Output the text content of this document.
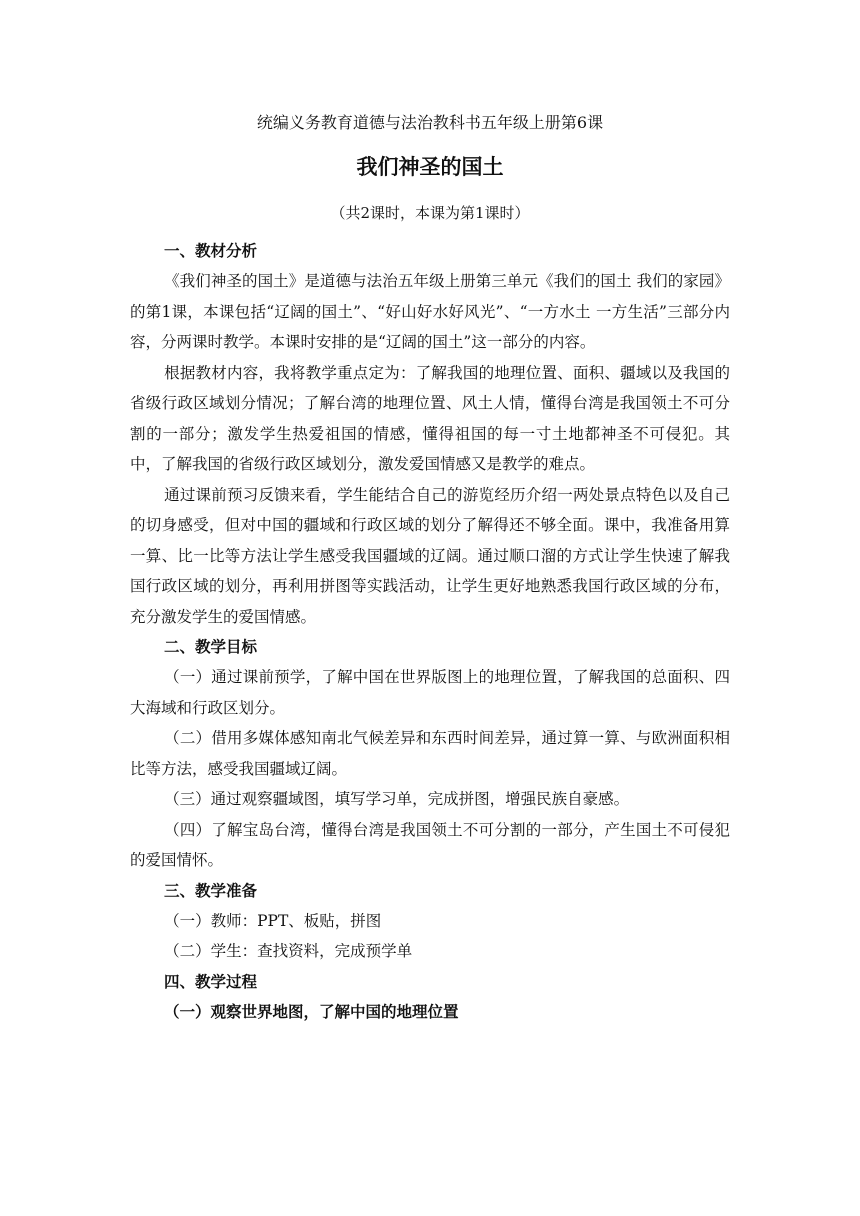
统编义务教育道德与法治教科书五年级上册第6课

我们神圣的国土

（共2课时，本课为第1课时）

一、教材分析

《我们神圣的国土》是道德与法治五年级上册第三单元《我们的国土 我们的家园》的第1课，本课包括“辽阔的国土”、“好山好水好风光”、“一方水土 一方生活”三部分内容，分两课时教学。本课时安排的是“辽阔的国土”这一部分的内容。

根据教材内容，我将教学重点定为：了解我国的地理位置、面积、疆域以及我国的省级行政区域划分情况；了解台湾的地理位置、风土人情，懂得台湾是我国领土不可分割的一部分；激发学生热爱祖国的情感，懂得祖国的每一寸土地都神圣不可侵犯。其中，了解我国的省级行政区域划分，激发爱国情感又是教学的难点。

通过课前预习反馈来看，学生能结合自己的游览经历介绍一两处景点特色以及自己的切身感受，但对中国的疆域和行政区域的划分了解得还不够全面。课中，我准备用算一算、比一比等方法让学生感受我国疆域的辽阔。通过顺口溜的方式让学生快速了解我国行政区域的划分，再利用拼图等实践活动，让学生更好地熟悉我国行政区域的分布，充分激发学生的爱国情感。

二、教学目标

（一）通过课前预学，了解中国在世界版图上的地理位置，了解我国的总面积、四大海域和行政区划分。

（二）借用多媒体感知南北气候差异和东西时间差异，通过算一算、与欧洲面积相比等方法，感受我国疆域辽阔。

（三）通过观察疆域图，填写学习单，完成拼图，增强民族自豪感。

（四）了解宝岛台湾，懂得台湾是我国领土不可分割的一部分，产生国土不可侵犯的爱国情怀。

三、教学准备

（一）教师：PPT、板贴，拼图

（二）学生：查找资料，完成预学单

四、教学过程

（一）观察世界地图，了解中国的地理位置
